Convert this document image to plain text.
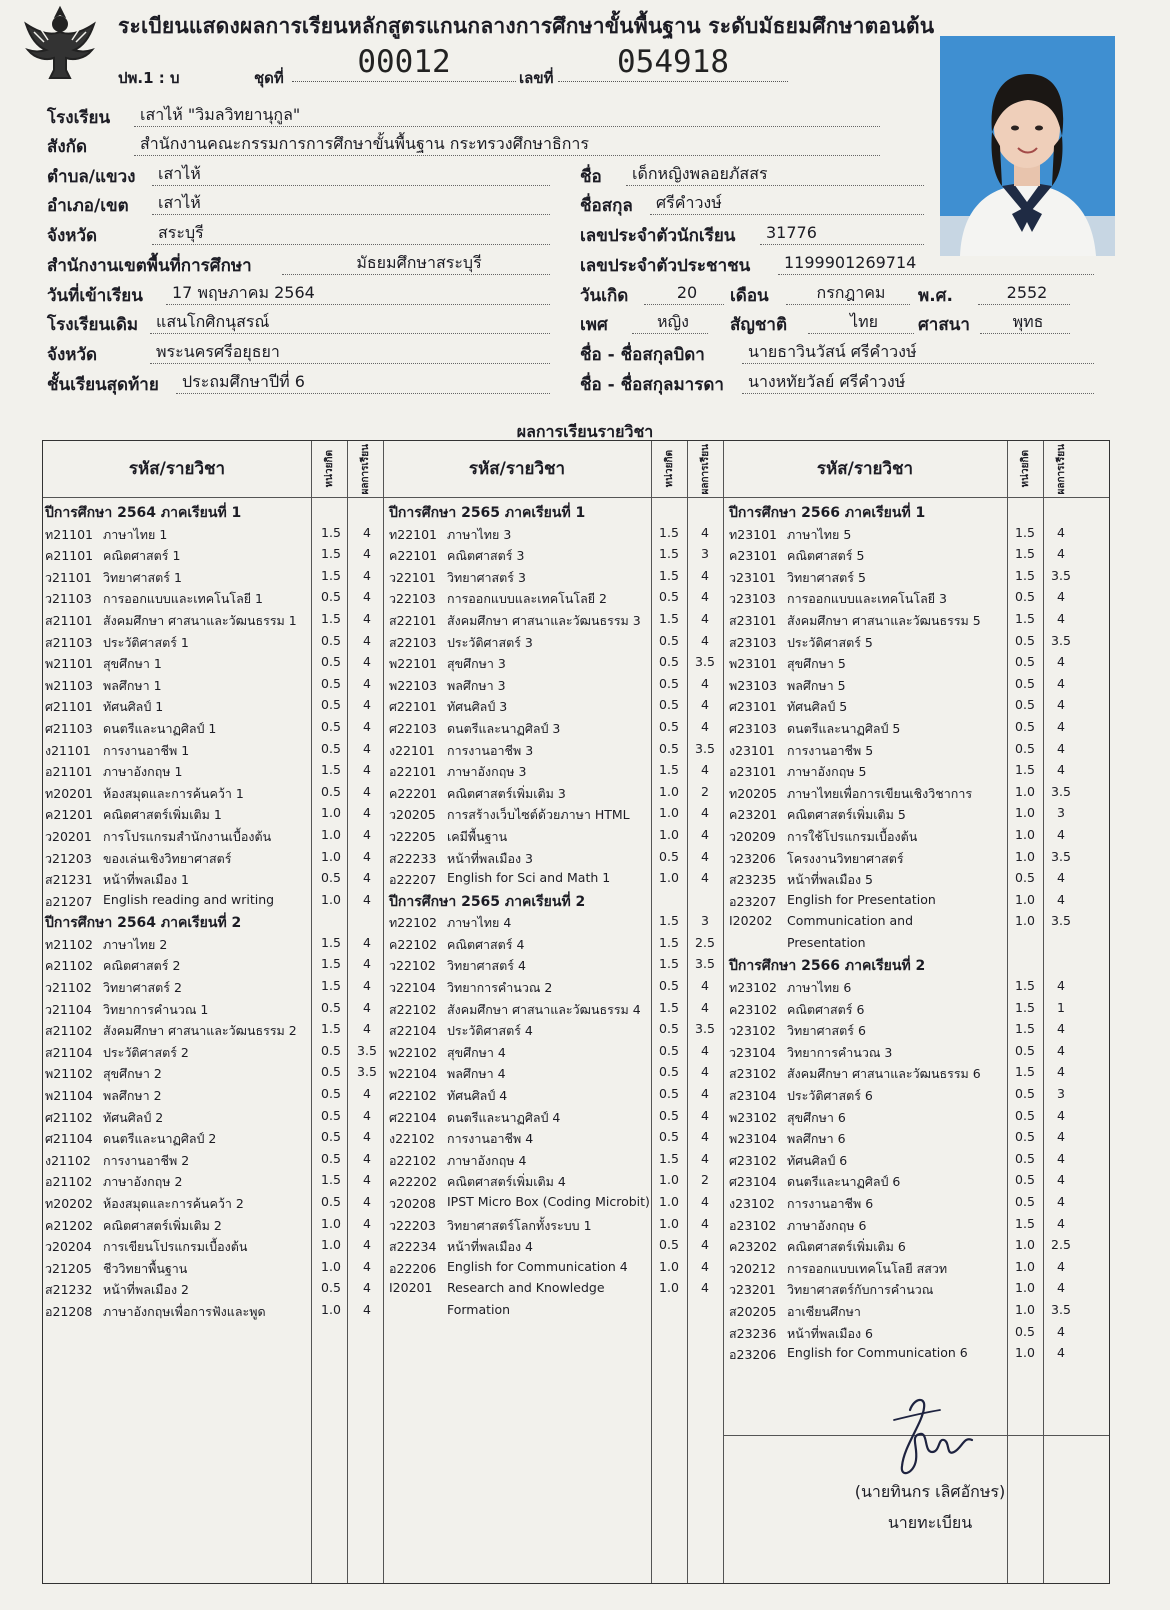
ระเบียนแสดงผลการเรียนหลักสูตรแกนกลางการศึกษาขั้นพื้นฐาน ระดับมัธยมศึกษาตอนต้น
ปพ.1 : บ	ชุดที่	00012	เลขที่	054918
โรงเรียน	เสาไห้ "วิมลวิทยานุกูล"
สังกัด	สำนักงานคณะกรรมการการศึกษาขั้นพื้นฐาน กระทรวงศึกษาธิการ
ตำบล/แขวง	เสาไห้
อำเภอ/เขต	เสาไห้
จังหวัด	สระบุรี
สำนักงานเขตพื้นที่การศึกษา	มัธยมศึกษาสระบุรี
วันที่เข้าเรียน	17 พฤษภาคม 2564
โรงเรียนเดิม	แสนโกศิกนุสรณ์
จังหวัด	พระนครศรีอยุธยา
ชั้นเรียนสุดท้าย	ประถมศึกษาปีที่ 6
ชื่อ	เด็กหญิงพลอยภัสสร
ชื่อสกุล	ศรีคำวงษ์
เลขประจำตัวนักเรียน	31776
เลขประจำตัวประชาชน	1199901269714
วันเกิด	20	เดือน	กรกฎาคม	พ.ศ.	2552
เพศ	หญิง	สัญชาติ	ไทย	ศาสนา	พุทธ
ชื่อ - ชื่อสกุลบิดา	นายธาวินวัสน์ ศรีคำวงษ์
ชื่อ - ชื่อสกุลมารดา	นางหทัยวัลย์ ศรีคำวงษ์
ผลการเรียนรายวิชา
รหัส/รายวิชา	หน่วยกิต	ผลการเรียน	รหัส/รายวิชา	หน่วยกิต	ผลการเรียน	รหัส/รายวิชา	หน่วยกิต	ผลการเรียน
ปีการศึกษา 2564 ภาคเรียนที่ 1
ท21101 ภาษาไทย 1	1.5	4
ค21101 คณิตศาสตร์ 1	1.5	4
ว21101 วิทยาศาสตร์ 1	1.5	4
ว21103 การออกแบบและเทคโนโลยี 1	0.5	4
ส21101 สังคมศึกษา ศาสนาและวัฒนธรรม 1	1.5	4
ส21103 ประวัติศาสตร์ 1	0.5	4
พ21101 สุขศึกษา 1	0.5	4
พ21103 พลศึกษา 1	0.5	4
ศ21101 ทัศนศิลป์ 1	0.5	4
ศ21103 ดนตรีและนาฏศิลป์ 1	0.5	4
ง21101 การงานอาชีพ 1	0.5	4
อ21101 ภาษาอังกฤษ 1	1.5	4
ท20201 ห้องสมุดและการค้นคว้า 1	0.5	4
ค21201 คณิตศาสตร์เพิ่มเติม 1	1.0	4
ว20201 การโปรแกรมสำนักงานเบื้องต้น	1.0	4
ว21203 ของเล่นเชิงวิทยาศาสตร์	1.0	4
ส21231 หน้าที่พลเมือง 1	0.5	4
อ21207 English reading and writing	1.0	4
ปีการศึกษา 2564 ภาคเรียนที่ 2
ท21102 ภาษาไทย 2	1.5	4
ค21102 คณิตศาสตร์ 2	1.5	4
ว21102 วิทยาศาสตร์ 2	1.5	4
ว21104 วิทยาการคำนวณ 1	0.5	4
ส21102 สังคมศึกษา ศาสนาและวัฒนธรรม 2	1.5	4
ส21104 ประวัติศาสตร์ 2	0.5	3.5
พ21102 สุขศึกษา 2	0.5	3.5
พ21104 พลศึกษา 2	0.5	4
ศ21102 ทัศนศิลป์ 2	0.5	4
ศ21104 ดนตรีและนาฏศิลป์ 2	0.5	4
ง21102 การงานอาชีพ 2	0.5	4
อ21102 ภาษาอังกฤษ 2	1.5	4
ท20202 ห้องสมุดและการค้นคว้า 2	0.5	4
ค21202 คณิตศาสตร์เพิ่มเติม 2	1.0	4
ว20204 การเขียนโปรแกรมเบื้องต้น	1.0	4
ว21205 ชีววิทยาพื้นฐาน	1.0	4
ส21232 หน้าที่พลเมือง 2	0.5	4
อ21208 ภาษาอังกฤษเพื่อการฟังและพูด	1.0	4
ปีการศึกษา 2565 ภาคเรียนที่ 1
ท22101 ภาษาไทย 3	1.5	4
ค22101 คณิตศาสตร์ 3	1.5	3
ว22101 วิทยาศาสตร์ 3	1.5	4
ว22103 การออกแบบและเทคโนโลยี 2	0.5	4
ส22101 สังคมศึกษา ศาสนาและวัฒนธรรม 3	1.5	4
ส22103 ประวัติศาสตร์ 3	0.5	4
พ22101 สุขศึกษา 3	0.5	3.5
พ22103 พลศึกษา 3	0.5	4
ศ22101 ทัศนศิลป์ 3	0.5	4
ศ22103 ดนตรีและนาฏศิลป์ 3	0.5	4
ง22101 การงานอาชีพ 3	0.5	3.5
อ22101 ภาษาอังกฤษ 3	1.5	4
ค22201 คณิตศาสตร์เพิ่มเติม 3	1.0	2
ว20205 การสร้างเว็บไซต์ด้วยภาษา HTML	1.0	4
ว22205 เคมีพื้นฐาน	1.0	4
ส22233 หน้าที่พลเมือง 3	0.5	4
อ22207 English for Sci and Math 1	1.0	4
ปีการศึกษา 2565 ภาคเรียนที่ 2
ท22102 ภาษาไทย 4	1.5	3
ค22102 คณิตศาสตร์ 4	1.5	2.5
ว22102 วิทยาศาสตร์ 4	1.5	3.5
ว22104 วิทยาการคำนวณ 2	0.5	4
ส22102 สังคมศึกษา ศาสนาและวัฒนธรรม 4	1.5	4
ส22104 ประวัติศาสตร์ 4	0.5	3.5
พ22102 สุขศึกษา 4	0.5	4
พ22104 พลศึกษา 4	0.5	4
ศ22102 ทัศนศิลป์ 4	0.5	4
ศ22104 ดนตรีและนาฏศิลป์ 4	0.5	4
ง22102 การงานอาชีพ 4	0.5	4
อ22102 ภาษาอังกฤษ 4	1.5	4
ค22202 คณิตศาสตร์เพิ่มเติม 4	1.0	2
ว20208 IPST Micro Box (Coding Microbit) 1.0	4
ว22203 วิทยาศาสตร์โลกทั้งระบบ 1	1.0	4
ส22234 หน้าที่พลเมือง 4	0.5	4
อ22206 English for Communication 4	1.0	4
I20201 Research and Knowledge	1.0	4
Formation
ปีการศึกษา 2566 ภาคเรียนที่ 1
ท23101 ภาษาไทย 5	1.5	4
ค23101 คณิตศาสตร์ 5	1.5	4
ว23101 วิทยาศาสตร์ 5	1.5	3.5
ว23103 การออกแบบและเทคโนโลยี 3	0.5	4
ส23101 สังคมศึกษา ศาสนาและวัฒนธรรม 5	1.5	4
ส23103 ประวัติศาสตร์ 5	0.5	3.5
พ23101 สุขศึกษา 5	0.5	4
พ23103 พลศึกษา 5	0.5	4
ศ23101 ทัศนศิลป์ 5	0.5	4
ศ23103 ดนตรีและนาฏศิลป์ 5	0.5	4
ง23101 การงานอาชีพ 5	0.5	4
อ23101 ภาษาอังกฤษ 5	1.5	4
ท20205 ภาษาไทยเพื่อการเขียนเชิงวิชาการ	1.0	3.5
ค23201 คณิตศาสตร์เพิ่มเติม 5	1.0	3
ว20209 การใช้โปรแกรมเบื้องต้น	1.0	4
ว23206 โครงงานวิทยาศาสตร์	1.0	3.5
ส23235 หน้าที่พลเมือง 5	0.5	4
อ23207 English for Presentation	1.0	4
I20202 Communication and	1.0	3.5
Presentation
ปีการศึกษา 2566 ภาคเรียนที่ 2
ท23102 ภาษาไทย 6	1.5	4
ค23102 คณิตศาสตร์ 6	1.5	1
ว23102 วิทยาศาสตร์ 6	1.5	4
ว23104 วิทยาการคำนวณ 3	0.5	4
ส23102 สังคมศึกษา ศาสนาและวัฒนธรรม 6	1.5	4
ส23104 ประวัติศาสตร์ 6	0.5	3
พ23102 สุขศึกษา 6	0.5	4
พ23104 พลศึกษา 6	0.5	4
ศ23102 ทัศนศิลป์ 6	0.5	4
ศ23104 ดนตรีและนาฏศิลป์ 6	0.5	4
ง23102 การงานอาชีพ 6	0.5	4
อ23102 ภาษาอังกฤษ 6	1.5	4
ค23202 คณิตศาสตร์เพิ่มเติม 6	1.0	2.5
ว20212 การออกแบบเทคโนโลยี สสวท	1.0	4
ว23201 วิทยาศาสตร์กับการคำนวณ	1.0	4
ส20205 อาเซียนศึกษา	1.0	3.5
ส23236 หน้าที่พลเมือง 6	0.5	4
อ23206 English for Communication 6	1.0	4
(นายทินกร เลิศอักษร)
นายทะเบียน
